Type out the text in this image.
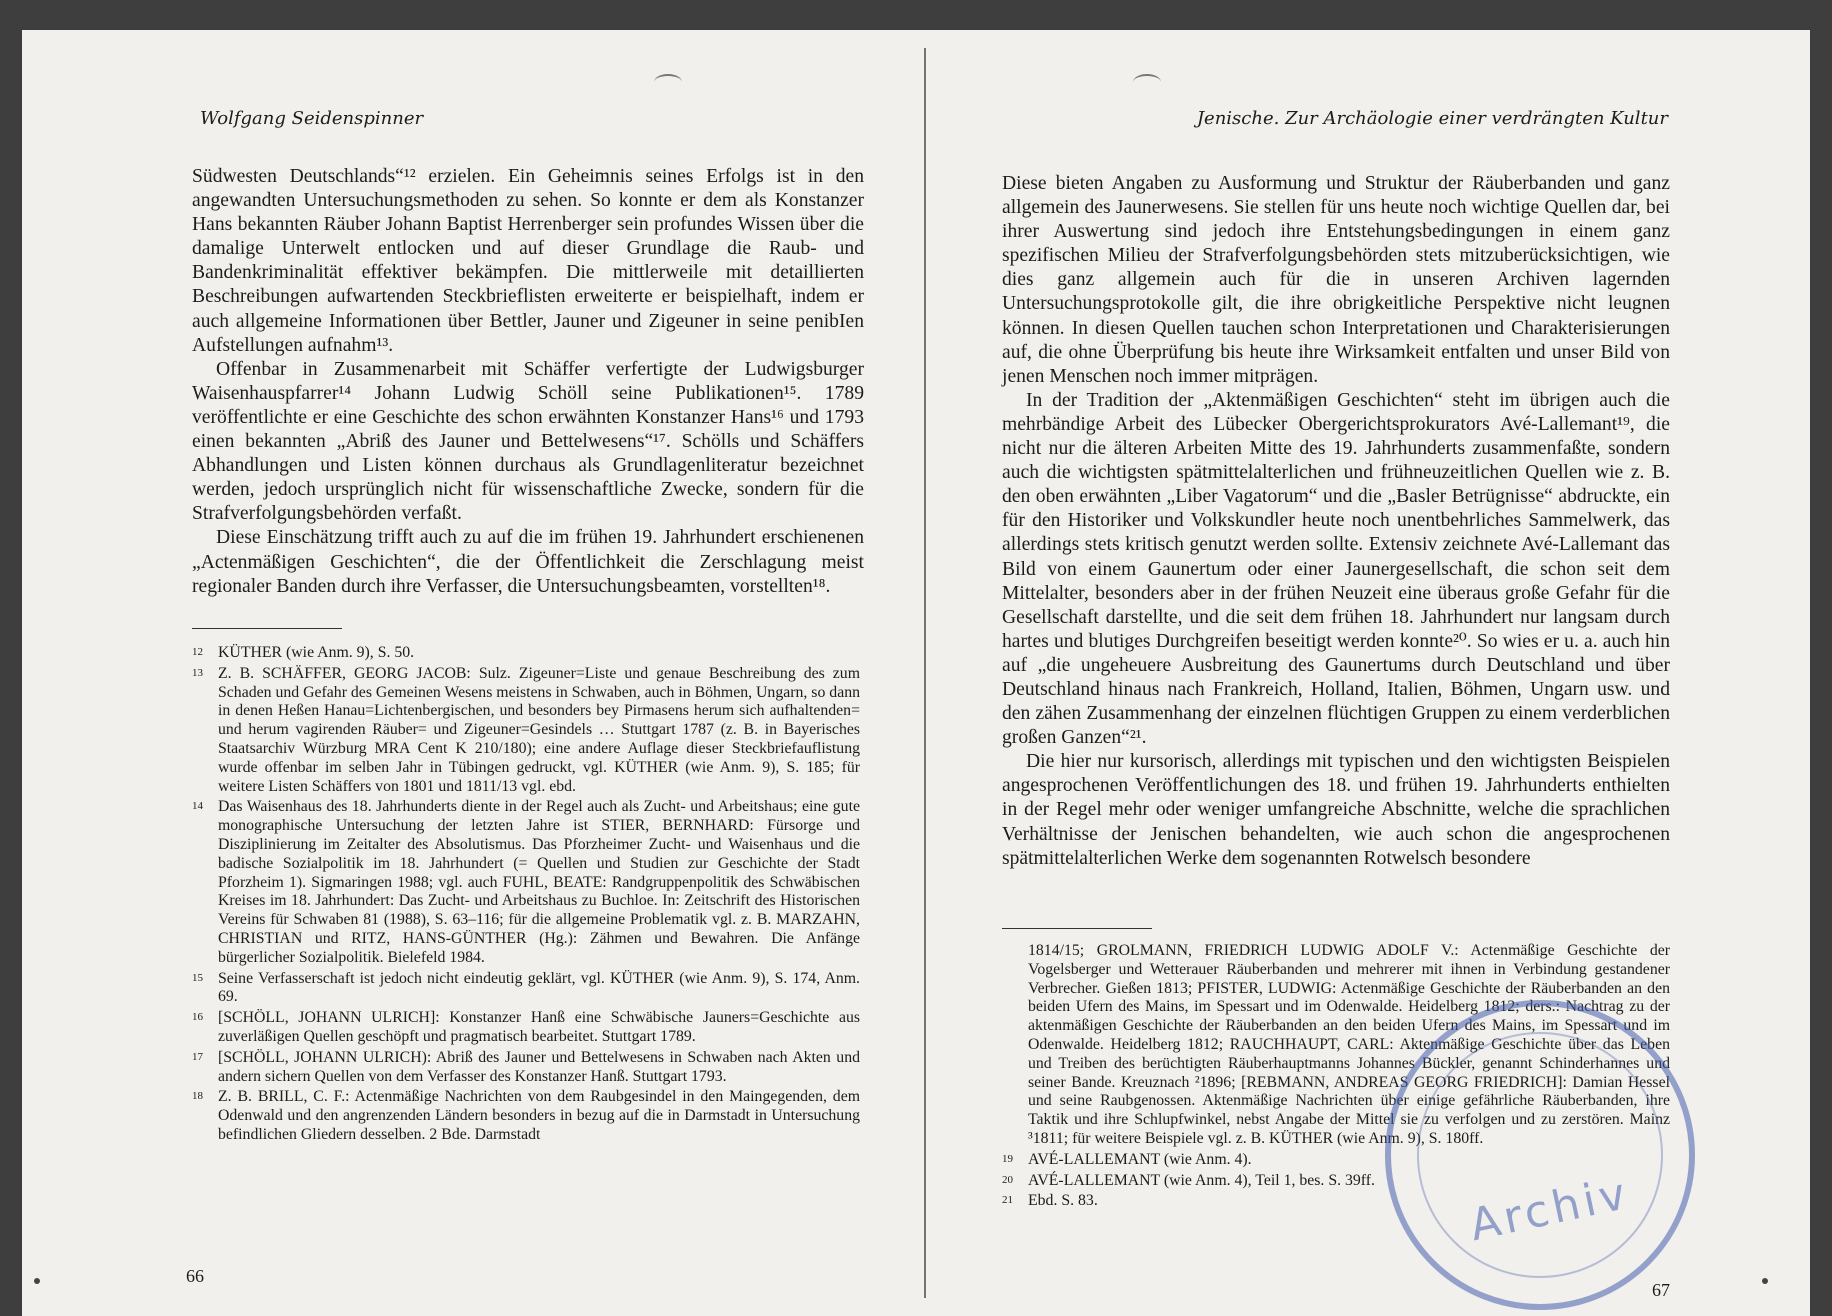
Wolfgang Seidenspinner

Südwesten Deutschlands“¹² erzielen. Ein Geheimnis seines Erfolgs ist in den angewandten Untersuchungsmethoden zu sehen. So konnte er dem als Konstanzer Hans bekannten Räuber Johann Baptist Herrenberger sein profundes Wissen über die damalige Unterwelt entlocken und auf dieser Grundlage die Raub- und Bandenkriminalität effektiver bekämpfen. Die mittlerweile mit detaillierten Beschreibungen aufwartenden Steckbrieflisten erweiterte er beispielhaft, indem er auch allgemeine Informationen über Bettler, Jauner und Zigeuner in seine penibIen Aufstellungen aufnahm¹³.

Offenbar in Zusammenarbeit mit Schäffer verfertigte der Ludwigsburger Waisenhauspfarrer¹⁴ Johann Ludwig Schöll seine Publikationen¹⁵. 1789 veröffentlichte er eine Geschichte des schon erwähnten Konstanzer Hans¹⁶ und 1793 einen bekannten „Abriß des Jauner und Bettelwesens“¹⁷. Schölls und Schäffers Abhandlungen und Listen können durchaus als Grundlagenliteratur bezeichnet werden, jedoch ursprünglich nicht für wissenschaftliche Zwecke, sondern für die Strafverfolgungsbehörden verfaßt.

Diese Einschätzung trifft auch zu auf die im frühen 19. Jahrhundert erschienenen „Actenmäßigen Geschichten“, die der Öffentlichkeit die Zerschlagung meist regionaler Banden durch ihre Verfasser, die Untersuchungsbeamten, vorstellten¹⁸.

12 KÜTHER (wie Anm. 9), S. 50.
13 Z. B. SCHÄFFER, GEORG JACOB: Sulz. Zigeuner=Liste und genaue Beschreibung des zum Schaden und Gefahr des Gemeinen Wesens meistens in Schwaben, auch in Böhmen, Ungarn, so dann in denen Heßen Hanau=Lichtenbergischen, und besonders bey Pirmasens herum sich aufhaltenden= und herum vagirenden Räuber= und Zigeuner=Gesindels … Stuttgart 1787 (z. B. in Bayerisches Staatsarchiv Würzburg MRA Cent K 210/180); eine andere Auflage dieser Steckbriefauflistung wurde offenbar im selben Jahr in Tübingen gedruckt, vgl. KÜTHER (wie Anm. 9), S. 185; für weitere Listen Schäffers von 1801 und 1811/13 vgl. ebd.
14 Das Waisenhaus des 18. Jahrhunderts diente in der Regel auch als Zucht- und Arbeitshaus; eine gute monographische Untersuchung der letzten Jahre ist STIER, BERNHARD: Fürsorge und Disziplinierung im Zeitalter des Absolutismus. Das Pforzheimer Zucht- und Waisenhaus und die badische Sozialpolitik im 18. Jahrhundert (= Quellen und Studien zur Geschichte der Stadt Pforzheim 1). Sigmaringen 1988; vgl. auch FUHL, BEATE: Randgruppenpolitik des Schwäbischen Kreises im 18. Jahrhundert: Das Zucht- und Arbeitshaus zu Buchloe. In: Zeitschrift des Historischen Vereins für Schwaben 81 (1988), S. 63–116; für die allgemeine Problematik vgl. z. B. MARZAHN, CHRISTIAN und RITZ, HANS-GÜNTHER (Hg.): Zähmen und Bewahren. Die Anfänge bürgerlicher Sozialpolitik. Bielefeld 1984.
15 Seine Verfasserschaft ist jedoch nicht eindeutig geklärt, vgl. KÜTHER (wie Anm. 9), S. 174, Anm. 69.
16 [SCHÖLL, JOHANN ULRICH]: Konstanzer Hanß eine Schwäbische Jauners=Geschichte aus zuverläßigen Quellen geschöpft und pragmatisch bearbeitet. Stuttgart 1789.
17 [SCHÖLL, JOHANN ULRICH): Abriß des Jauner und Bettelwesens in Schwaben nach Akten und andern sichern Quellen von dem Verfasser des Konstanzer Hanß. Stuttgart 1793.
18 Z. B. BRILL, C. F.: Actenmäßige Nachrichten von dem Raubgesindel in den Maingegenden, dem Odenwald und den angrenzenden Ländern besonders in bezug auf die in Darmstadt in Untersuchung befindlichen Gliedern desselben. 2 Bde. Darmstadt
66
Jenische. Zur Archäologie einer verdrängten Kultur

Diese bieten Angaben zu Ausformung und Struktur der Räuberbanden und ganz allgemein des Jaunerwesens. Sie stellen für uns heute noch wichtige Quellen dar, bei ihrer Auswertung sind jedoch ihre Entstehungsbedingungen in einem ganz spezifischen Milieu der Strafverfolgungsbehörden stets mitzuberücksichtigen, wie dies ganz allgemein auch für die in unseren Archiven lagernden Untersuchungsprotokolle gilt, die ihre obrigkeitliche Perspektive nicht leugnen können. In diesen Quellen tauchen schon Interpretationen und Charakterisierungen auf, die ohne Überprüfung bis heute ihre Wirksamkeit entfalten und unser Bild von jenen Menschen noch immer mitprägen.

In der Tradition der „Aktenmäßigen Geschichten“ steht im übrigen auch die mehrbändige Arbeit des Lübecker Obergerichtsprokurators Avé-Lallemant¹⁹, die nicht nur die älteren Arbeiten Mitte des 19. Jahrhunderts zusammenfaßte, sondern auch die wichtigsten spätmittelalterlichen und frühneuzeitlichen Quellen wie z. B. den oben erwähnten „Liber Vagatorum“ und die „Basler Betrügnisse“ abdruckte, ein für den Historiker und Volkskundler heute noch unentbehrliches Sammelwerk, das allerdings stets kritisch genutzt werden sollte. Extensiv zeichnete Avé-Lallemant das Bild von einem Gaunertum oder einer Jaunergesellschaft, die schon seit dem Mittelalter, besonders aber in der frühen Neuzeit eine überaus große Gefahr für die Gesellschaft darstellte, und die seit dem frühen 18. Jahrhundert nur langsam durch hartes und blutiges Durchgreifen beseitigt werden konnte²⁰. So wies er u. a. auch hin auf „die ungeheuere Ausbreitung des Gaunertums durch Deutschland und über Deutschland hinaus nach Frankreich, Holland, Italien, Böhmen, Ungarn usw. und den zähen Zusammenhang der einzelnen flüchtigen Gruppen zu einem verderblichen großen Ganzen“²¹.

Die hier nur kursorisch, allerdings mit typischen und den wichtigsten Beispielen angesprochenen Veröffentlichungen des 18. und frühen 19. Jahrhunderts enthielten in der Regel mehr oder weniger umfangreiche Abschnitte, welche die sprachlichen Verhältnisse der Jenischen behandelten, wie auch schon die angesprochenen spätmittelalterlichen Werke dem sogenannten Rotwelsch besondere

1814/15; GROLMANN, FRIEDRICH LUDWIG ADOLF V.: Actenmäßige Geschichte der Vogelsberger und Wetterauer Räuberbanden und mehrerer mit ihnen in Verbindung gestandener Verbrecher. Gießen 1813; PFISTER, LUDWIG: Actenmäßige Geschichte der Räuberbanden an den beiden Ufern des Mains, im Spessart und im Odenwalde. Heidelberg 1812; ders.: Nachtrag zu der aktenmäßigen Geschichte der Räuberbanden an den beiden Ufern des Mains, im Spessart und im Odenwalde. Heidelberg 1812; RAUCHHAUPT, CARL: Aktenmäßige Geschichte über das Leben und Treiben des berüchtigten Räuberhauptmanns Johannes Bückler, genannt Schinderhannes und seiner Bande. Kreuznach ²1896; [REBMANN, ANDREAS GEORG FRIEDRICH]: Damian Hessel und seine Raubgenossen. Aktenmäßige Nachrichten über einige gefährliche Räuberbanden, ihre Taktik und ihre Schlupfwinkel, nebst Angabe der Mittel sie zu verfolgen und zu zerstören. Mainz ³1811; für weitere Beispiele vgl. z. B. KÜTHER (wie Anm. 9), S. 180ff.

19 AVÉ-LALLEMANT (wie Anm. 4).
20 AVÉ-LALLEMANT (wie Anm. 4), Teil 1, bes. S. 39ff.
21 Ebd. S. 83.
67
Archiv
